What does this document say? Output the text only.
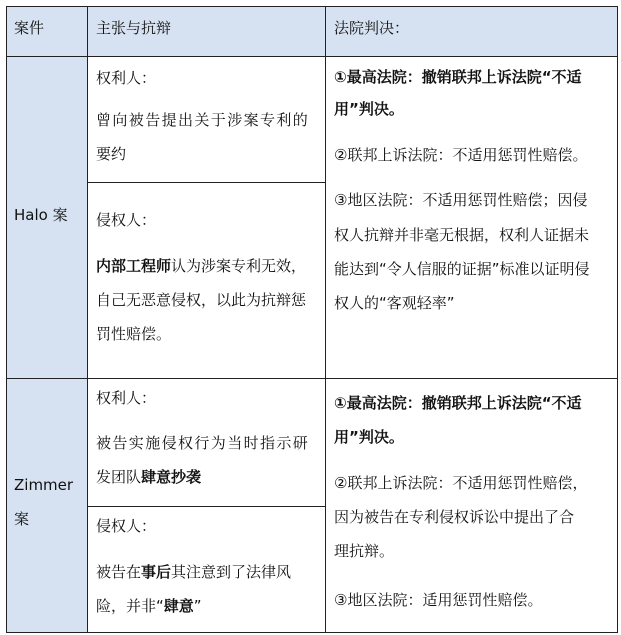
案件	主张与抗辩	法院判决：
Halo 案
权利人：
曾向被告提出关于涉案专利的
要约
侵权人：
内部工程师认为涉案专利无效，
自己无恶意侵权，以此为抗辩惩
罚性赔偿。
①最高法院：撤销联邦上诉法院“不适
用”判决。
②联邦上诉法院：不适用惩罚性赔偿。
③地区法院：不适用惩罚性赔偿；因侵
权人抗辩并非毫无根据，权利人证据未
能达到“令人信服的证据”标准以证明侵
权人的“客观轻率”
Zimmer
案
权利人：
被告实施侵权行为当时指示研
发团队肆意抄袭
侵权人：
被告在事后其注意到了法律风
险，并非“肆意”
①最高法院：撤销联邦上诉法院“不适
用”判决。
②联邦上诉法院：不适用惩罚性赔偿，
因为被告在专利侵权诉讼中提出了合
理抗辩。
③地区法院：适用惩罚性赔偿。
